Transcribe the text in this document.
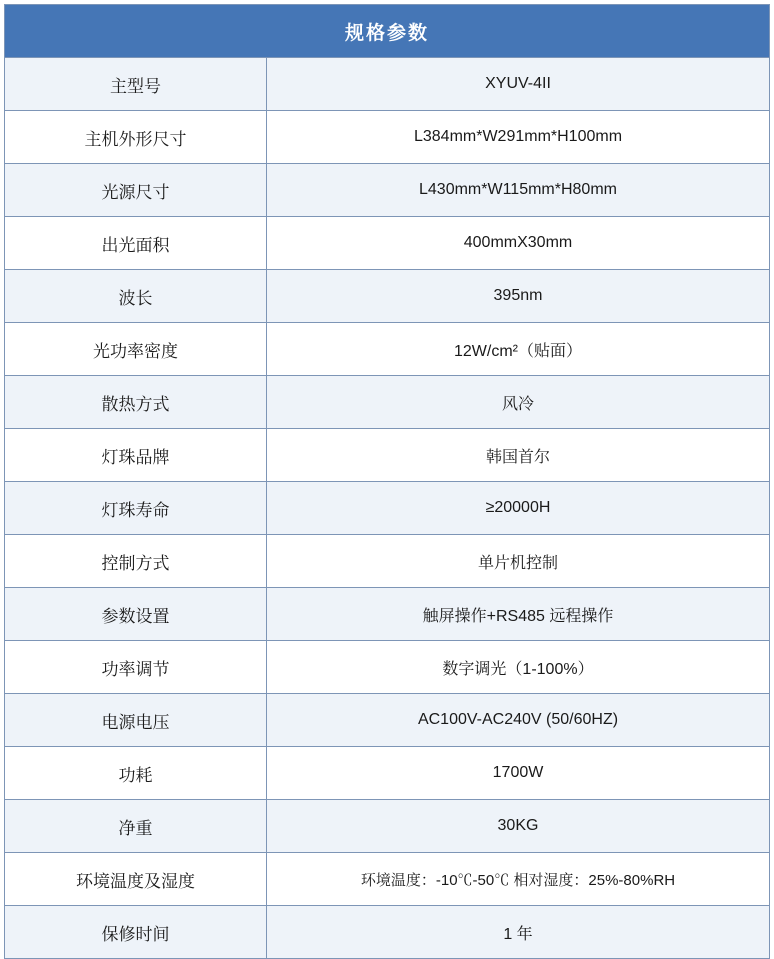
规格参数	
主型号	XYUV-4II
主机外形尺寸	L384mm*W291mm*H100mm
光源尺寸	L430mm*W115mm*H80mm
出光面积	400mmX30mm
波长	395nm
光功率密度	12W/cm²（贴面）
散热方式	风冷
灯珠品牌	韩国首尔
灯珠寿命	≥20000H
控制方式	单片机控制
参数设置	触屏操作+RS485 远程操作
功率调节	数字调光（1-100%）
电源电压	AC100V-AC240V (50/60HZ)
功耗	1700W
净重	30KG
环境温度及湿度	环境温度：-10℃-50℃ 相对湿度：25%-80%RH
保修时间	1 年
